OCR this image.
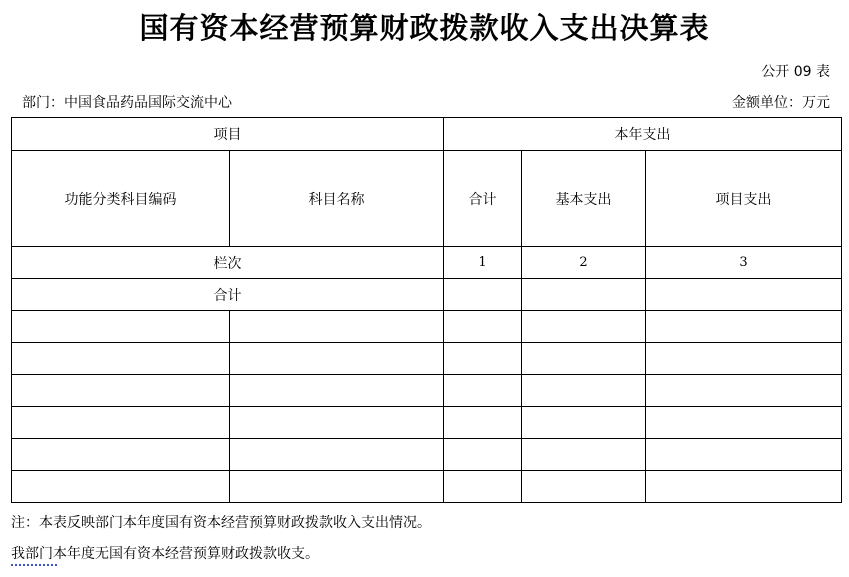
国有资本经营预算财政拨款收入支出决算表
公开 09 表
部门：中国食品药品国际交流中心	金额单位：万元
项目		本年支出		
功能分类科目编码	科目名称	合计	基本支出	项目支出
栏次		1	2	3
合计				

注：本表反映部门本年度国有资本经营预算财政拨款收入支出情况。
我部门本年度无国有资本经营预算财政拨款收支。
